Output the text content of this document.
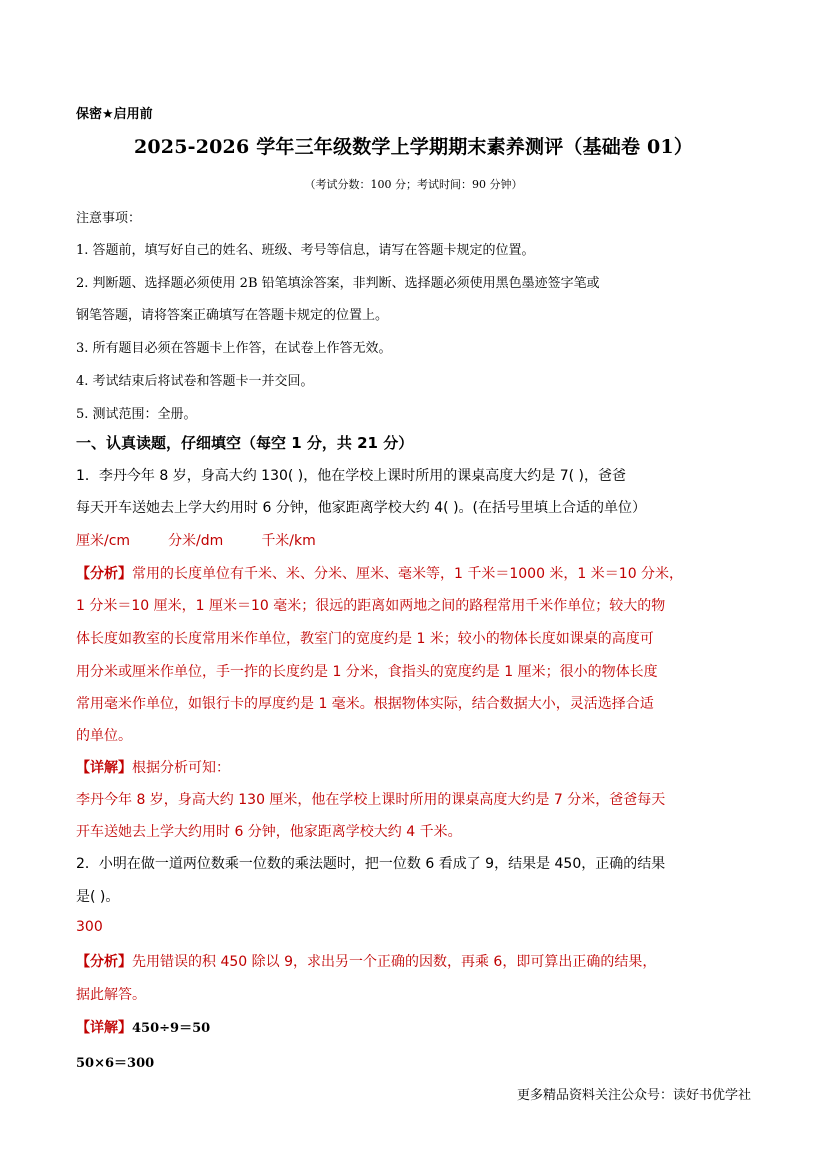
保密★启用前
2025-2026 学年三年级数学上学期期末素养测评（基础卷 01）
（考试分数：100 分；考试时间：90 分钟）
注意事项：
1. 答题前，填写好自己的姓名、班级、考号等信息，请写在答题卡规定的位置。
2. 判断题、选择题必须使用 2B 铅笔填涂答案，非判断、选择题必须使用黑色墨迹签字笔或
钢笔答题，请将答案正确填写在答题卡规定的位置上。
3. 所有题目必须在答题卡上作答，在试卷上作答无效。
4. 考试结束后将试卷和答题卡一并交回。
5. 测试范围：全册。
一、认真读题，仔细填空（每空 1 分，共 21 分）
1．李丹今年 8 岁，身高大约 130( )，他在学校上课时所用的课桌高度大约是 7( )，爸爸
每天开车送她去上学大约用时 6 分钟，他家距离学校大约 4( )。(在括号里填上合适的单位）
厘米/cm	分米/dm	千米/km
【分析】常用的长度单位有千米、米、分米、厘米、毫米等，1 千米＝1000 米，1 米＝10 分米，
1 分米＝10 厘米，1 厘米＝10 毫米；很远的距离如两地之间的路程常用千米作单位；较大的物
体长度如教室的长度常用米作单位，教室门的宽度约是 1 米；较小的物体长度如课桌的高度可
用分米或厘米作单位，手一拃的长度约是 1 分米，食指头的宽度约是 1 厘米；很小的物体长度
常用毫米作单位，如银行卡的厚度约是 1 毫米。根据物体实际，结合数据大小，灵活选择合适
的单位。
【详解】根据分析可知：
李丹今年 8 岁，身高大约 130 厘米，他在学校上课时所用的课桌高度大约是 7 分米，爸爸每天
开车送她去上学大约用时 6 分钟，他家距离学校大约 4 千米。
2．小明在做一道两位数乘一位数的乘法题时，把一位数 6 看成了 9，结果是 450，正确的结果
是( )。
300
【分析】先用错误的积 450 除以 9，求出另一个正确的因数，再乘 6，即可算出正确的结果，
据此解答。
【详解】450÷9＝50
50×6＝300
更多精品资料关注公众号：读好书优学社
